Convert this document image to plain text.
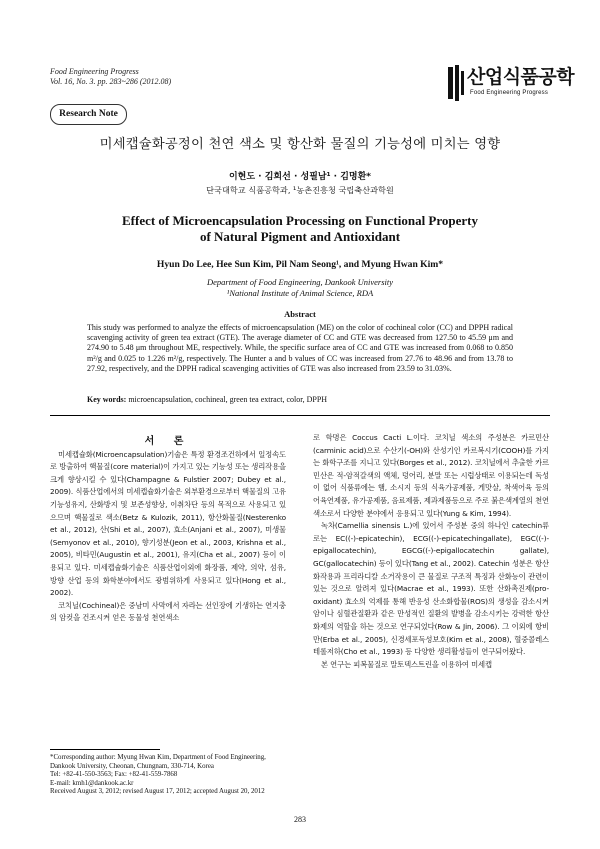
Food Engineering Progress
Vol. 16, No. 3. pp. 283~286 (2012.08)	산업식품공학
Food Engineering Progress
Research Note
미세캡슐화공정이 천연 색소 및 항산화 물질의 기능성에 미치는 영향
이현도 · 김희선 · 성필남¹ · 김명환*
단국대학교 식품공학과, ¹농촌진흥청 국립축산과학원
Effect of Microencapsulation Processing on Functional Property
of Natural Pigment and Antioxidant
Hyun Do Lee, Hee Sun Kim, Pil Nam Seong¹, and Myung Hwan Kim*
Department of Food Engineering, Dankook University
¹National Institute of Animal Science, RDA
Abstract
This study was performed to analyze the effects of microencapsulation (ME) on the color of cochineal color (CC) and DPPH radical scavenging activity of green tea extract (GTE). The average diameter of CC and GTE was decreased from 127.50 to 45.59 μm and 274.90 to 5.48 μm throughout ME, respectively. While, the specific surface area of CC and GTE was increased from 0.068 to 0.850 m²/g and 0.025 to 1.226 m²/g, respectively. The Hunter a and b values of CC was increased from 27.76 to 48.96 and from 13.78 to 27.92, respectively, and the DPPH radical scavenging activities of GTE was also increased from 23.59 to 31.03%.
Key words: microencapsulation, cochineal, green tea extract, color, DPPH

서 론

미세캡슐화(Microencapsulation)기술은 특정 환경조건하에서 일정속도로 방출하여 핵물질(core material)이 가지고 있는 기능성 또는 생리작용을 크게 향상시킬 수 있다(Champagne & Fulstier 2007; Dubey et al., 2009). 식품산업에서의 미세캡슐화기술은 외부환경으로부터 핵물질의 고유기능성유지, 산화방지 및 보존성향상, 이취차단 등의 목적으로 사용되고 있으므며 핵물질로 색소(Betz & Kulozik, 2011), 항산화물질(Nesterenko et al., 2012), 산(Shi et al., 2007), 효소(Anjani et al., 2007), 미생물(Semyonov et al., 2010), 향기성분(Jeon et al., 2003, Krishna et al., 2005), 비타민(Augustin et al., 2001), 유지(Cha et al., 2007) 등이 이용되고 있다. 미세캡슐화기술은 식품산업이외에 화장품, 제약, 의약, 섬유, 방향 산업 등의 화학분야에서도 광범위하게 사용되고 있다(Hong et al., 2002).

코치닐(Cochineal)은 중남미 사막에서 자라는 선인장에 기생하는 연지충의 암컷을 건조시켜 얻은 동물성 천연색소

로 학명은 Coccus Cacti L.이다. 코치닐 색소의 주성분은 카르민산(carminic acid)으로 수산기(-OH)와 산성기인 카르복시기(COOH)를 가지는 화학구조를 지니고 있다(Borges et al., 2012). 코치닐에서 추출한 카르민산은 적-암적갈색의 액체, 덩어리, 분말 또는 시럽상태로 이용되는데 독성이 없어 식품류에는 햄, 소시지 등의 식육가공제품, 게맛살, 착색어육 등의 어육연제품, 유가공제품, 음료제품, 제과제품등으로 주로 붉은색계열의 천연색소로서 다양한 분야에서 응용되고 있다(Yung & Kim, 1994).

녹차(Camellia sinensis L.)에 있어서 주성분 중의 하나인 catechin류 로는 EC((-)-epicatechin), ECG((-)-epicatechingallate), EGC((-)-epigallocatechin), EGCG((-)-epigallocatechin gallate), GC(gallocatechin) 등이 있다(Tang et al., 2002). Catechin 성분은 항산화작용과 프리라디칼 소거작용이 큰 물질로 구조적 특징과 산화능이 관련이 있는 것으로 알려져 있다(Macrae et al., 1993). 또한 산화촉진제(pro-oxidant) 효소의 억제를 통해 반응성 산소화합물(ROS)의 생성을 감소시켜 암이나 심혈관질환과 같은 만성적인 질환의 발병을 감소시키는 강력한 항산화제의 역할을 하는 것으로 연구되었다(Row & Jin, 2006). 그 이외에 항비만(Erba et al., 2005), 신경세포독성보호(Kim et al., 2008), 혈중콜레스테롤저하(Cho et al., 1993) 등 다양한 생리활성들이 연구되어왔다.

본 연구는 피복물질로 말토덱스트린을 이용하여 미세캡

*Corresponding author: Myung Hwan Kim, Department of Food Engineering, Dankook University, Cheonan, Chungnam, 330-714, Korea
Tel: +82-41-550-3563; Fax: +82-41-559-7868
E-mail: kmh1@dankook.ac.kr
Received August 3, 2012; revised August 17, 2012; accepted August 20, 2012
283
